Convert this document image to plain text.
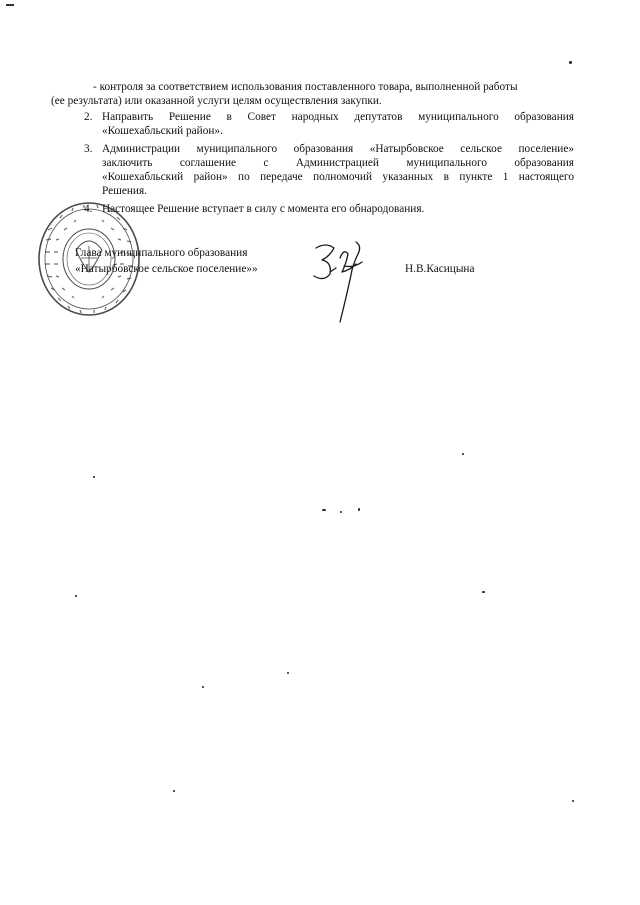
- контроля за соответствием использования поставленного товара, выполненной работы
(ее результата) или оказанной услуги целям осуществления закупки.
2. Направить Решение в Совет народных депутатов муниципального образования
«Кошехабльский район».
3. Администрации муниципального образования «Натырбовское сельское поселение»
заключить соглашение с Администрацией муниципального образования
«Кошехабльский район» по передаче полномочий указанных в пункте 1 настоящего
Решения.
4. Настоящее Решение вступает в силу с момента его обнародования.
Глава муниципального образования
«Натырбовское сельское поселение»»	Н.В.Касицына
